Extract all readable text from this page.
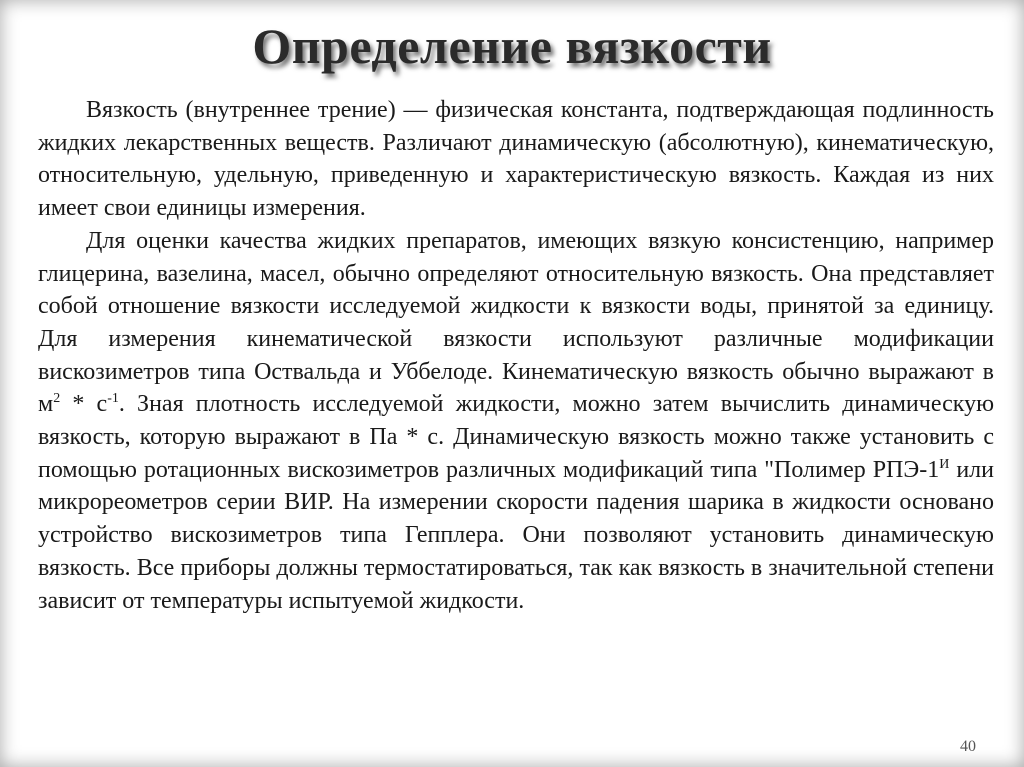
Определение вязкости

Вязкость (внутреннее трение) — физическая константа, подтверждающая подлинность жидких лекарственных веществ. Различают динамическую (абсолютную), кинематическую, относительную, удельную, приведенную и характеристическую вязкость. Каждая из них имеет свои единицы измерения.

Для оценки качества жидких препаратов, имеющих вязкую консистенцию, например глицерина, вазелина, масел, обычно определяют относительную вязкость. Она представляет собой отношение вязкости исследуемой жидкости к вязкости воды, принятой за единицу. Для измерения кинематической вязкости используют различные модификации вискозиметров типа Оствальда и Уббелоде. Кинематическую вязкость обычно выражают в $м^2 * с^{-1}$. Зная плотность исследуемой жидкости, можно затем вычислить динамическую вязкость, которую выражают в Па * с. Динамическую вязкость можно также установить с помощью ротационных вискозиметров различных модификаций типа "Полимер РПЭ-$1^И$ или микрореометров серии ВИР. На измерении скорости падения шарика в жидкости основано устройство вискозиметров типа Гепплера. Они позволяют установить динамическую вязкость. Все приборы должны термостатироваться, так как вязкость в значительной степени зависит от температуры испытуемой жидкости.

40
